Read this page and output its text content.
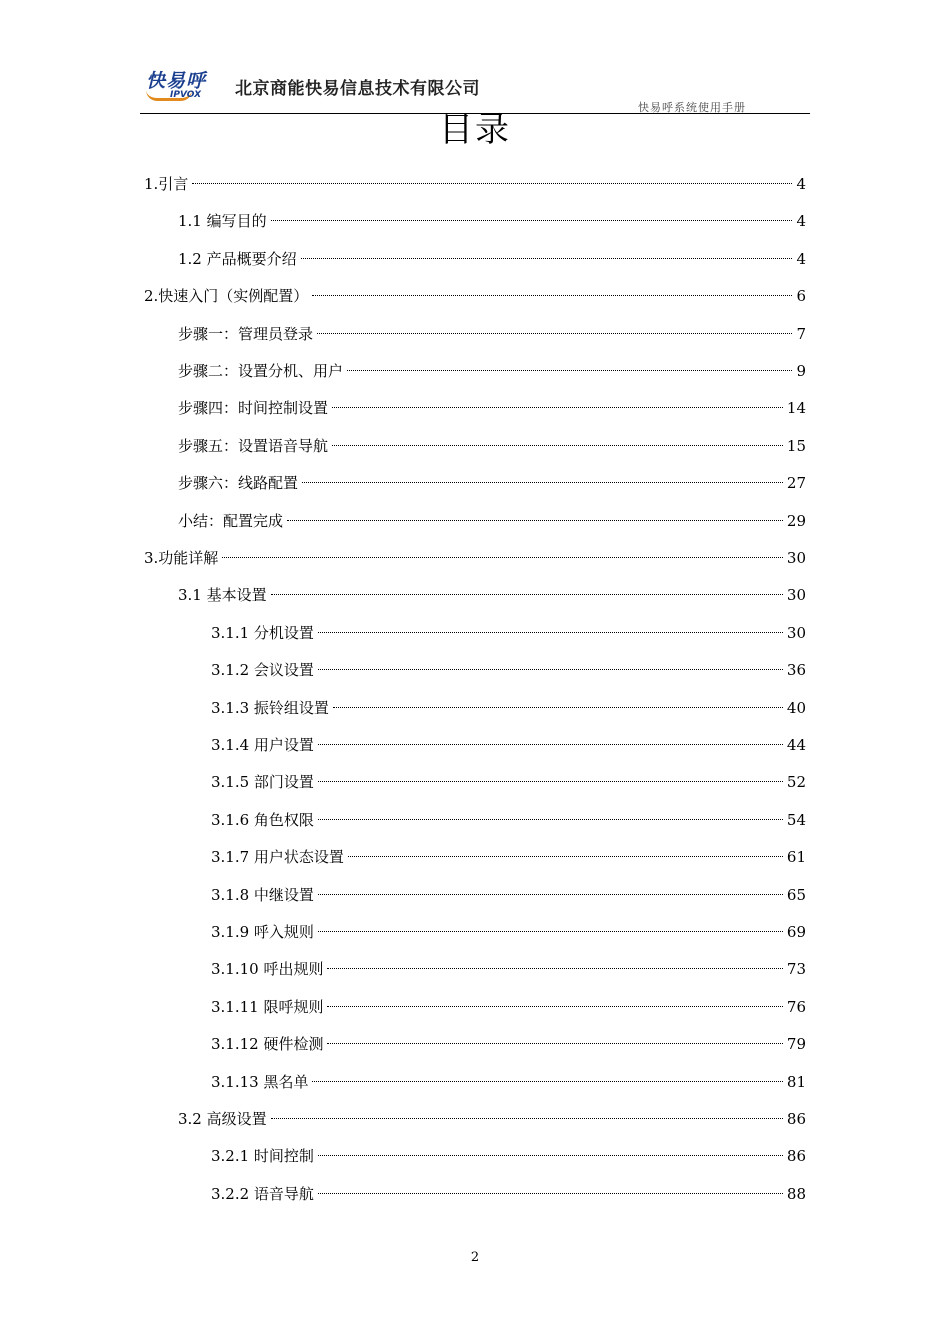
快易呼
IPVOX 北京商能快易信息技术有限公司
快易呼系统使用手册
目录
1.引言	4
1.1 编写目的	4
1.2 产品概要介绍	4
2.快速入门（实例配置）	6
步骤一：管理员登录	7
步骤二：设置分机、用户	9
步骤四：时间控制设置	14
步骤五：设置语音导航	15
步骤六：线路配置	27
小结：配置完成	29
3.功能详解	30
3.1 基本设置	30
3.1.1 分机设置	30
3.1.2 会议设置	36
3.1.3 振铃组设置	40
3.1.4 用户设置	44
3.1.5 部门设置	52
3.1.6 角色权限	54
3.1.7 用户状态设置	61
3.1.8 中继设置	65
3.1.9 呼入规则	69
3.1.10 呼出规则	73
3.1.11 限呼规则	76
3.1.12 硬件检测	79
3.1.13 黑名单	81
3.2 高级设置	86
3.2.1 时间控制	86
3.2.2 语音导航	88
2
